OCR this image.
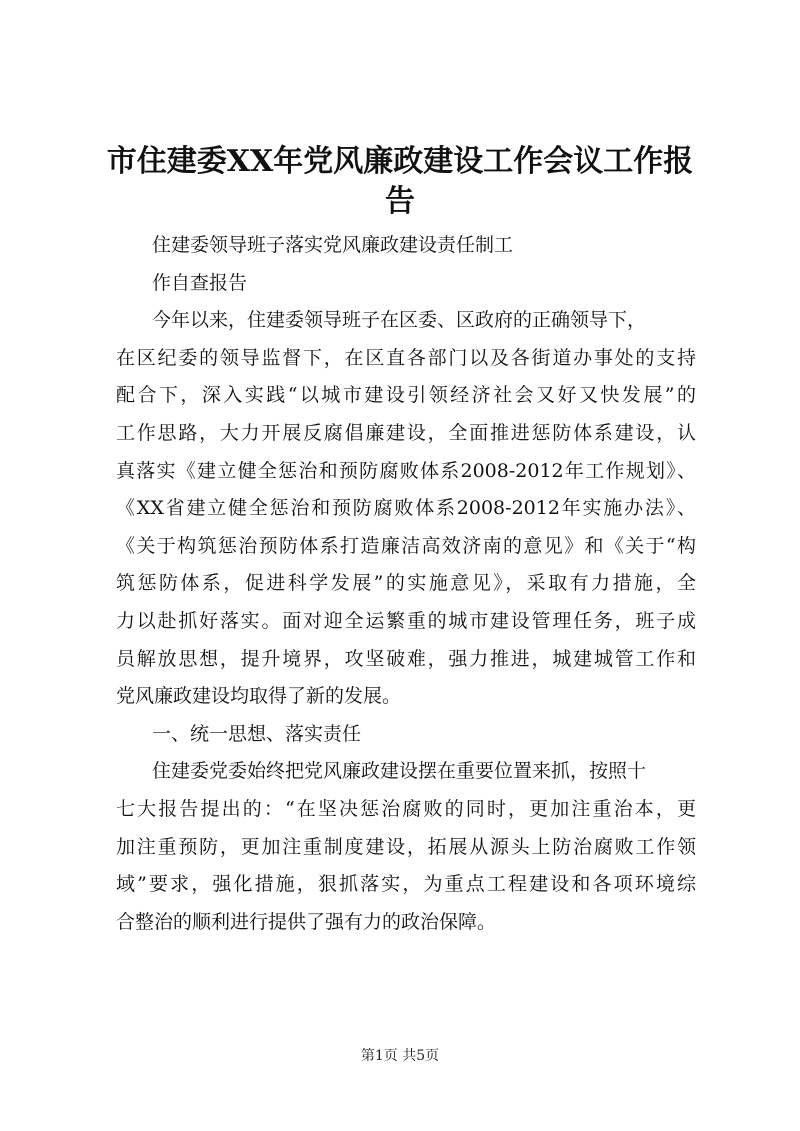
市住建委XX年党风廉政建设工作会议工作报
告
住建委领导班子落实党风廉政建设责任制工
作自查报告
今年以来，住建委领导班子在区委、区政府的正确领导下，
在区纪委的领导监督下，在区直各部门以及各街道办事处的支持
配合下，深入实践“以城市建设引领经济社会又好又快发展”的
工作思路，大力开展反腐倡廉建设，全面推进惩防体系建设，认
真落实《建立健全惩治和预防腐败体系2008-2012年工作规划》、
《XX省建立健全惩治和预防腐败体系2008-2012年实施办法》、
《关于构筑惩治预防体系打造廉洁高效济南的意见》和《关于“构
筑惩防体系，促进科学发展”的实施意见》，采取有力措施，全
力以赴抓好落实。面对迎全运繁重的城市建设管理任务，班子成
员解放思想，提升境界，攻坚破难，强力推进，城建城管工作和
党风廉政建设均取得了新的发展。
一、统一思想、落实责任
住建委党委始终把党风廉政建设摆在重要位置来抓，按照十
七大报告提出的：“在坚决惩治腐败的同时，更加注重治本，更
加注重预防，更加注重制度建设，拓展从源头上防治腐败工作领
域”要求，强化措施，狠抓落实，为重点工程建设和各项环境综
合整治的顺利进行提供了强有力的政治保障。
第1页 共5页
